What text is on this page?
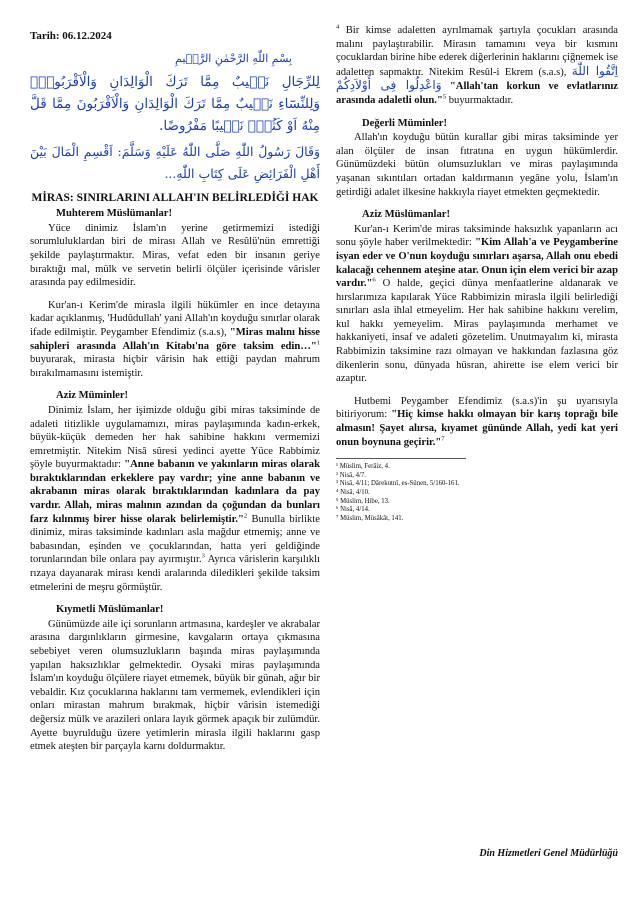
Tarih: 06.12.2024
بِسْمِ اللّٰهِ الرَّحْمٰنِ الرَّح۪يمِ
لِلرِّجَالِ نَص۪يبٌ مِمَّا تَرَكَ الْوَالِدَانِ وَالْاَقْرَبُونَۖ وَلِلنِّسَٓاءِ نَص۪يبٌ مِمَّا تَرَكَ الْوَالِدَانِ وَالْاَقْرَبُونَ مِمَّا قَلَّ مِنْهُ اَوْ كَثُرَۜ نَص۪يبًا مَفْرُوضًا.
وَقَالَ رَسُولُ اللّٰهِ صَلَّى اللّٰهُ عَلَيْهِ وَسَلَّمَ: اَقْسِمِ الْمَالَ بَيْنَ أَهْلِ الْفَرَائِضِ عَلَى كِتَابِ اللّٰهِ...
MİRAS: SINIRLARINI ALLAH'IN BELİRLEDİĞİ HAK

Muhterem Müslümanlar!

Yüce dinimiz İslam'ın yerine getirmemizi istediği sorumluluklardan biri de mirası Allah ve Resûlü'nün emrettiği şekilde paylaştırmaktır. Miras, vefat eden bir insanın geriye bıraktığı mal, mülk ve servetin belirli ölçüler içerisinde vârisler arasında pay edilmesidir.

Kur'an-ı Kerim'de mirasla ilgili hükümler en ince detayına kadar açıklanmış, 'Hudûdullah' yani Allah'ın koyduğu sınırlar olarak ifade edilmiştir. Peygamber Efendimiz (s.a.s), "Miras malını hisse sahipleri arasında Allah'ın Kitabı'na göre taksim edin…"$^1$ buyurarak, mirasta hiçbir vârisin hak ettiği paydan mahrum bırakılmamasını istemiştir.

Aziz Müminler!

Dinimiz İslam, her işimizde olduğu gibi miras taksiminde de adaleti titizlikle uygulamamızı, miras paylaşımında kadın-erkek, büyük-küçük demeden her hak sahibine hakkını vermemizi emretmiştir. Nitekim Nisâ sûresi yedinci ayette Yüce Rabbimiz şöyle buyurmaktadır: "Anne babanın ve yakınların miras olarak bıraktıklarından erkeklere pay vardır; yine anne babanın ve akrabanın miras olarak bıraktıklarından kadınlara da pay vardır. Allah, miras malının azından da çoğundan da bunları farz kılınmış birer hisse olarak belirlemiştir."$^2$ Bunulla birlikte dinimiz, miras taksiminde kadınları asla mağdur etmemiş; anne ve babasından, eşinden ve çocuklarından, hatta yeri geldiğinde torunlarından bile onlara pay ayırmıştır.$^3$ Ayrıca vârislerin karşılıklı rızaya dayanarak mirası kendi aralarında diledikleri şekilde taksim etmelerini de meşru görmüştür.

Kıymetli Müslümanlar!

Günümüzde aile içi sorunların artmasına, kardeşler ve akrabalar arasına dargınlıkların girmesine, kavgaların ortaya çıkmasına sebebiyet veren olumsuzlukların başında miras paylaşımında yapılan haksızlıklar gelmektedir. Oysaki miras paylaşımında İslam'ın koyduğu ölçülere riayet etmemek, büyük bir günah, ağır bir vebaldir. Kız çocuklarına haklarını tam vermemek, evlendikleri için onları mirastan mahrum bırakmak, hiçbir vârisin istemediği değersiz mülk ve arazileri onlara layık görmek apaçık bir zulümdür. Ayette buyrulduğu üzere yetimlerin mirasla ilgili haklarını gasp etmek ateşten bir parçayla karnı doldurmaktır.

$^4$ Bir kimse adaletten ayrılmamak şartıyla çocukları arasında malını paylaştırabilir. Mirasın tamamını veya bir kısmını çocuklardan birine hibe ederek diğerlerinin haklarını çiğnemek ise adaletten sapmaktır. Nitekim Resûl-i Ekrem (s.a.s), اِتَّقُوا اللّٰهَ وَاعْدِلُوا فِى أَوْلاَدِكُمْ "Allah'tan korkun ve evlatlarınız arasında adaletli olun."$^5$ buyurmaktadır.

Değerli Müminler!

Allah'ın koyduğu bütün kurallar gibi miras taksiminde yer alan ölçüler de insan fıtratına en uygun hükümlerdir. Günümüzdeki bütün olumsuzlukları ve miras paylaşımında yaşanan sıkıntıları ortadan kaldırmanın yegâne yolu, İslam'ın getirdiği adalet ilkesine hakkıyla riayet etmekten geçmektedir.

Aziz Müslümanlar!

Kur'an-ı Kerim'de miras taksiminde haksızlık yapanların acı sonu şöyle haber verilmektedir: "Kim Allah'a ve Peygamberine isyan eder ve O'nun koyduğu sınırları aşarsa, Allah onu ebedi kalacağı cehennem ateşine atar. Onun için elem verici bir azap vardır."$^6$ O halde, geçici dünya menfaatlerine aldanarak ve hırslarımıza kapılarak Yüce Rabbimizin mirasla ilgili belirlediği sınırları asla ihlal etmeyelim. Her hak sahibine hakkını verelim, kul hakkı yemeyelim. Miras paylaşımında merhamet ve hakkaniyeti, insaf ve adaleti gözetelim. Unutmayalım ki, mirasta Rabbimizin taksimine razı olmayan ve hakkından fazlasına göz dikenlerin sonu, dünyada hüsran, ahirette ise elem verici bir azaptır.

Hutbemi Peygamber Efendimiz (s.a.s)'in şu uyarısıyla bitiriyorum: "Hiç kimse hakkı olmayan bir karış toprağı bile almasın! Şayet alırsa, kıyamet gününde Allah, yedi kat yeri onun boynuna geçirir."$^7$

¹ Müslim, Ferâiz, 4.
² Nisâ, 4/7.
³ Nisâ, 4/11; Dârekutnî, es-Sünen, 5/160-161.
⁴ Nisâ, 4/10.
⁵ Müslim, Hibe, 13.
⁶ Nisâ, 4/14.
⁷ Müslim, Müsâkât, 141.
Din Hizmetleri Genel Müdürlüğü
